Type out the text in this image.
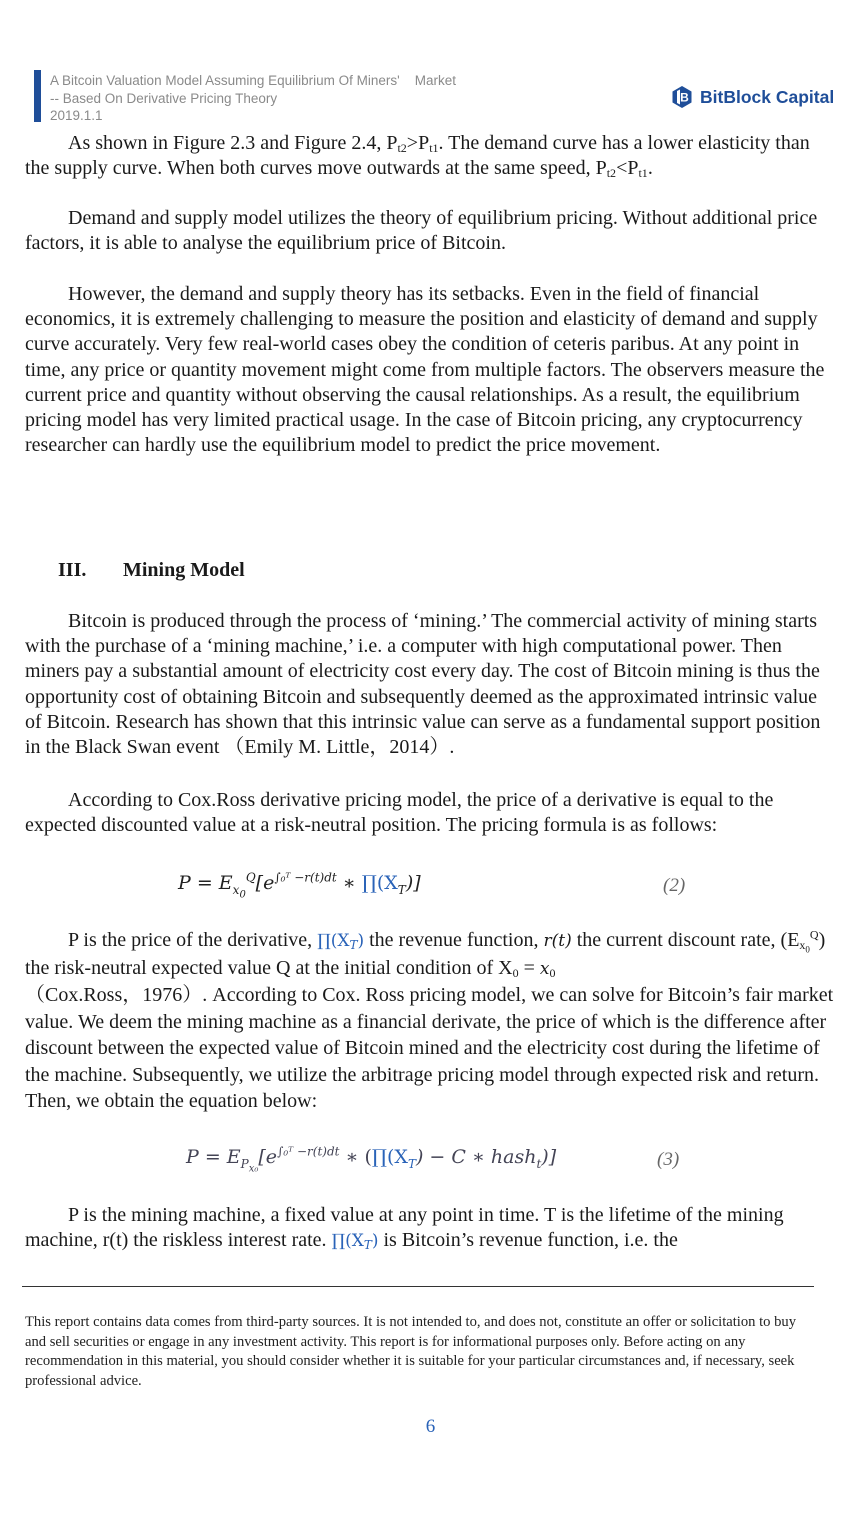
A Bitcoin Valuation Model Assuming Equilibrium Of Miners'    Market
-- Based On Derivative Pricing Theory
2019.1.1
B BitBlock Capital

As shown in Figure 2.3 and Figure 2.4, $P_{t2}>P_{t1}$. The demand curve has a lower elasticity than the supply curve. When both curves move outwards at the same speed, $P_{t2}<P_{t1}$.

Demand and supply model utilizes the theory of equilibrium pricing. Without additional price factors, it is able to analyse the equilibrium price of Bitcoin.

However, the demand and supply theory has its setbacks. Even in the field of financial economics, it is extremely challenging to measure the position and elasticity of demand and supply curve accurately. Very few real-world cases obey the condition of ceteris paribus. At any point in time, any price or quantity movement might come from multiple factors. The observers measure the current price and quantity without observing the causal relationships. As a result, the equilibrium pricing model has very limited practical usage. In the case of Bitcoin pricing, any cryptocurrency researcher can hardly use the equilibrium model to predict the price movement.

III. Mining Model

Bitcoin is produced through the process of ‘mining.’ The commercial activity of mining starts with the purchase of a ‘mining machine,’ i.e. a computer with high computational power. Then miners pay a substantial amount of electricity cost every day. The cost of Bitcoin mining is thus the opportunity cost of obtaining Bitcoin and subsequently deemed as the approximated intrinsic value of Bitcoin. Research has shown that this intrinsic value can serve as a fundamental support position in the Black Swan event （Emily M. Little，2014）.

According to Cox.Ross derivative pricing model, the price of a derivative is equal to the expected discounted value at a risk-neutral position. The pricing formula is as follows:

$P = E_{x_0}^Q[e^{\int_0ᵀ -r(t)dt}$ ∗ $\prod(X_T)$]	(2)

P is the price of the derivative, $\prod(X_T)$ the revenue function, r(t) the current discount rate, $(E_{x_0}^Q)$ the risk-neutral expected value Q at the initial condition of $X_0 = x_0$
（Cox.Ross，1976）. According to Cox. Ross pricing model, we can solve for Bitcoin’s fair market value. We deem the mining machine as a financial derivate, the price of which is the difference after discount between the expected value of Bitcoin mined and the electricity cost during the lifetime of the machine. Subsequently, we utilize the arbitrage pricing model through expected risk and return. Then, we obtain the equation below:

$P = E_{P_{x_0}}[e^{\int_0ᵀ -r(t)dt}$ ∗ ($\prod(X_T) - C$ ∗ hash$_t$)]	(3)

P is the mining machine, a fixed value at any point in time. T is the lifetime of the mining machine, r(t) the riskless interest rate. $\prod(X_T)$ is Bitcoin’s revenue function, i.e. the

This report contains data comes from third-party sources. It is not intended to, and does not, constitute an offer or solicitation to buy and sell securities or engage in any investment activity. This report is for informational purposes only. Before acting on any recommendation in this material, you should consider whether it is suitable for your particular circumstances and, if necessary, seek professional advice.
6
